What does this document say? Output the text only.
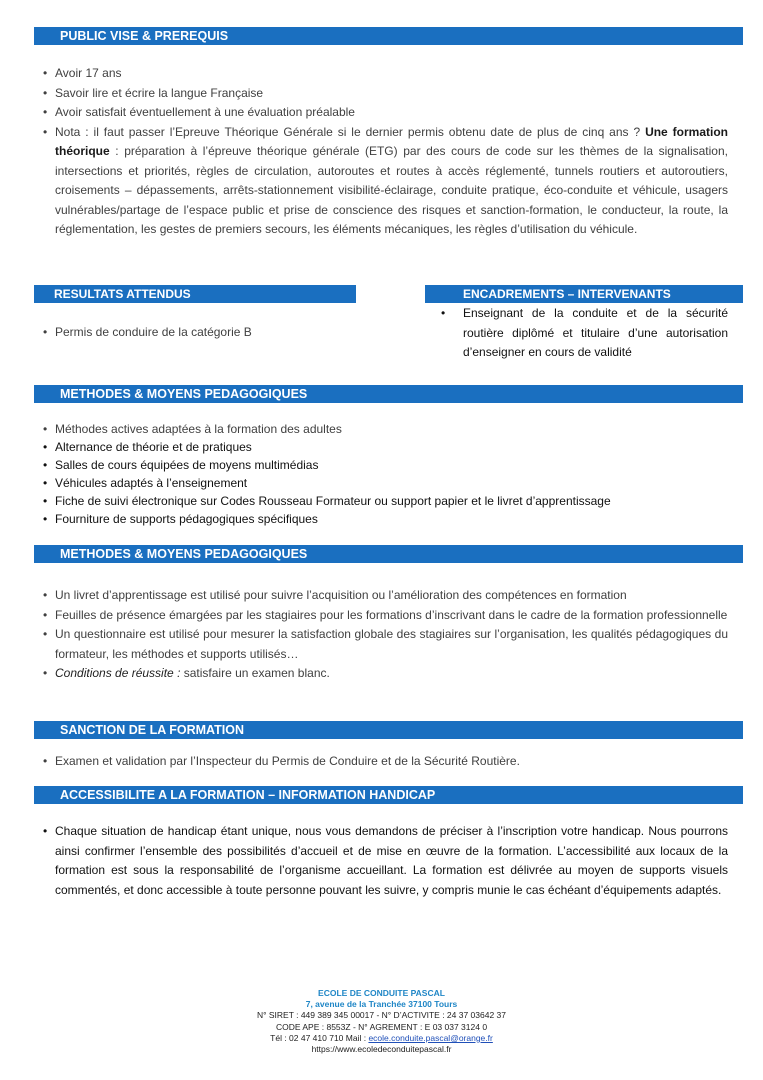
PUBLIC VISE & PREREQUIS
• Avoir 17 ans
• Savoir lire et écrire la langue Française
• Avoir satisfait éventuellement à une évaluation préalable
• Nota : il faut passer l’Epreuve Théorique Générale si le dernier permis obtenu date de plus de cinq ans ? Une formation théorique : préparation à l’épreuve théorique générale (ETG) par des cours de code sur les thèmes de la signalisation, intersections et priorités, règles de circulation, autoroutes et routes à accès réglementé, tunnels routiers et autoroutiers, croisements – dépassements, arrêts-stationnement visibilité-éclairage, conduite pratique, éco-conduite et véhicule, usagers vulnérables/partage de l’espace public et prise de conscience des risques et sanction-formation, le conducteur, la route, la réglementation, les gestes de premiers secours, les éléments mécaniques, les règles d’utilisation du véhicule.
RESULTATS ATTENDUS	ENCADREMENTS – INTERVENANTS
• Permis de conduire de la catégorie B
• Enseignant de la conduite et de la sécurité routière diplômé et titulaire d’une autorisation d’enseigner en cours de validité
METHODES & MOYENS PEDAGOGIQUES
• Méthodes actives adaptées à la formation des adultes
• Alternance de théorie et de pratiques
• Salles de cours équipées de moyens multimédias
• Véhicules adaptés à l’enseignement
• Fiche de suivi électronique sur Codes Rousseau Formateur ou support papier et le livret d’apprentissage
• Fourniture de supports pédagogiques spécifiques
METHODES & MOYENS PEDAGOGIQUES
• Un livret d’apprentissage est utilisé pour suivre l’acquisition ou l’amélioration des compétences en formation
• Feuilles de présence émargées par les stagiaires pour les formations d’inscrivant dans le cadre de la formation professionnelle
• Un questionnaire est utilisé pour mesurer la satisfaction globale des stagiaires sur l’organisation, les qualités pédagogiques du formateur, les méthodes et supports utilisés…
• Conditions de réussite : satisfaire un examen blanc.
SANCTION DE LA FORMATION
• Examen et validation par l’Inspecteur du Permis de Conduire et de la Sécurité Routière.
ACCESSIBILITE A LA FORMATION – INFORMATION HANDICAP
• Chaque situation de handicap étant unique, nous vous demandons de préciser à l’inscription votre handicap. Nous pourrons ainsi confirmer l’ensemble des possibilités d’accueil et de mise en œuvre de la formation. L’accessibilité aux locaux de la formation est sous la responsabilité de l’organisme accueillant. La formation est délivrée au moyen de supports visuels commentés, et donc accessible à toute personne pouvant les suivre, y compris munie le cas échéant d’équipements adaptés.
ECOLE DE CONDUITE PASCAL
7, avenue de la Tranchée 37100 Tours
N° SIRET : 449 389 345 00017 - N° D’ACTIVITE : 24 37 03642 37
CODE APE : 8553Z - N° AGREMENT : E 03 037 3124 0
Tél : 02 47 410 710 Mail : ecole.conduite.pascal@orange.fr
https://www.ecoledeconduitepascal.fr
